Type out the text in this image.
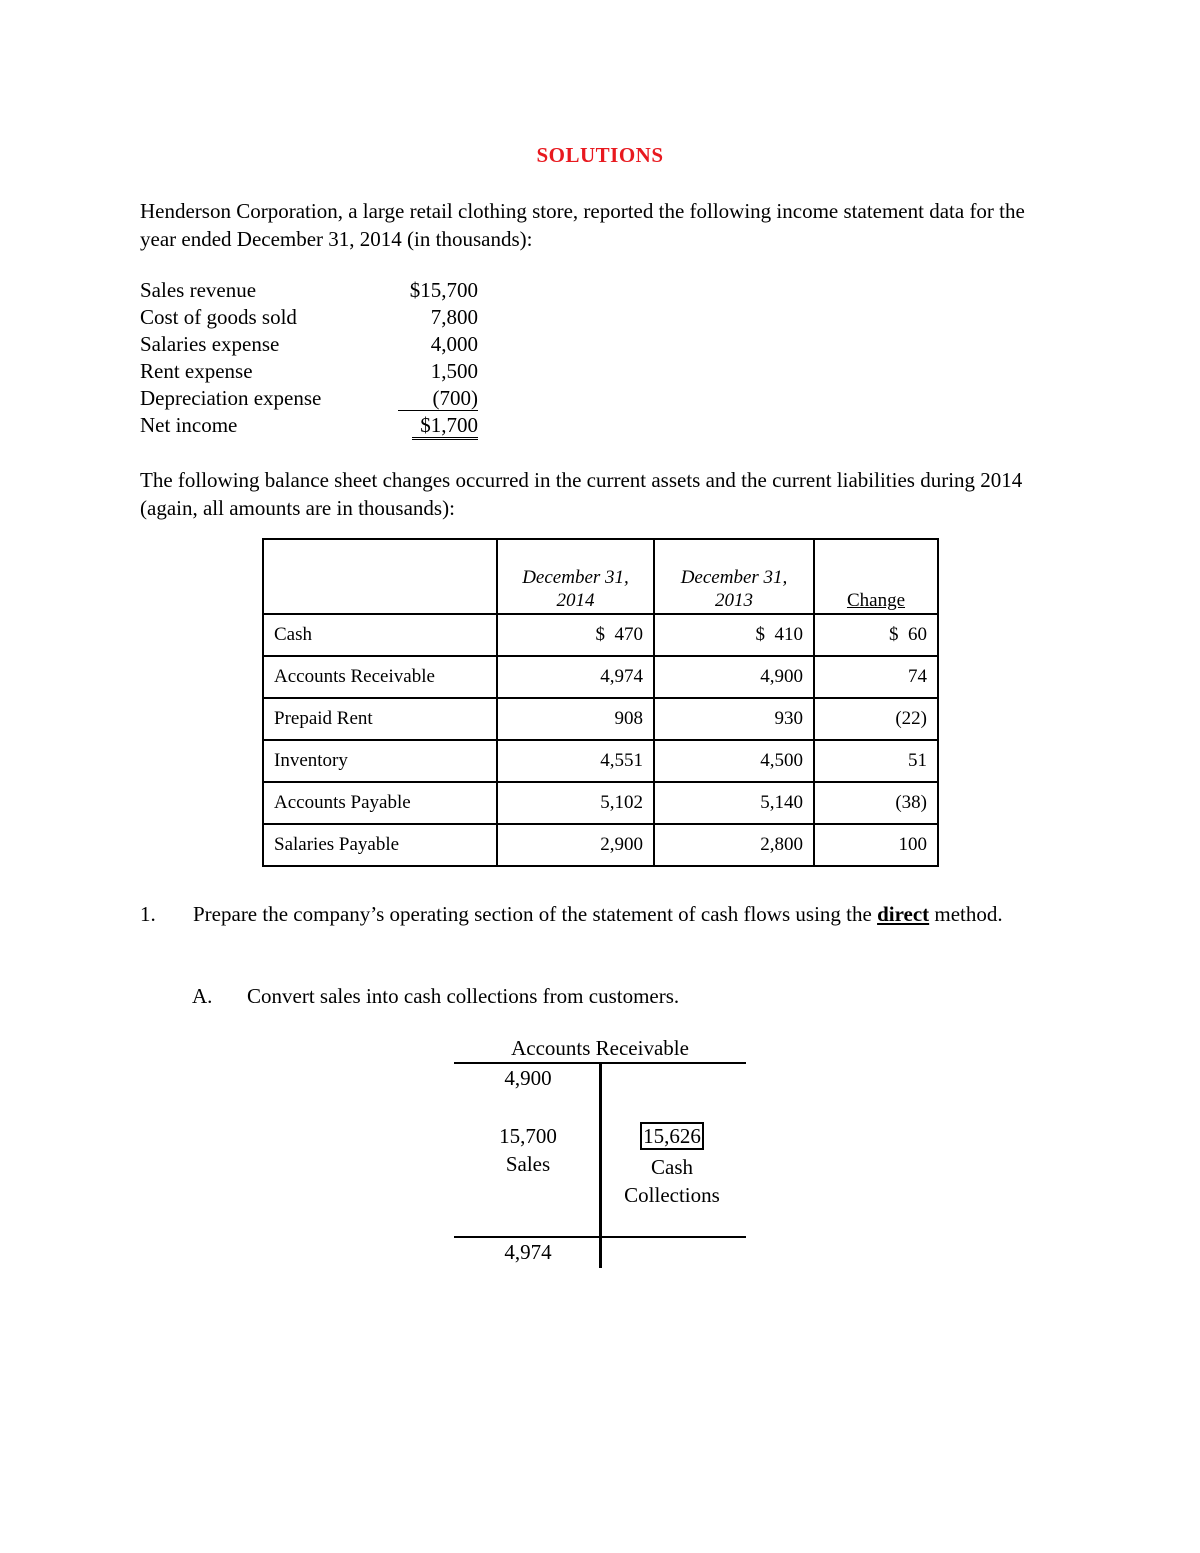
SOLUTIONS
Henderson Corporation, a large retail clothing store, reported the following income statement data for the year ended December 31, 2014 (in thousands):
Sales revenue	$15,700
Cost of goods sold	7,800
Salaries expense	4,000
Rent expense	1,500
Depreciation expense	(700)
Net income	$1,700
The following balance sheet changes occurred in the current assets and the current liabilities during 2014 (again, all amounts are in thousands):
	December 31, 2014	December 31, 2013	Change
Cash	$  470	$  410	$  60
Accounts Receivable	4,974	4,900	74
Prepaid Rent	908	930	(22)
Inventory	4,551	4,500	51
Accounts Payable	5,102	5,140	(38)
Salaries Payable	2,900	2,800	100
1. Prepare the company’s operating section of the statement of cash flows using the direct method.
A. Convert sales into cash collections from customers.
Accounts Receivable
4,900
15,700
Sales
15,626
Cash
Collections
4,974
